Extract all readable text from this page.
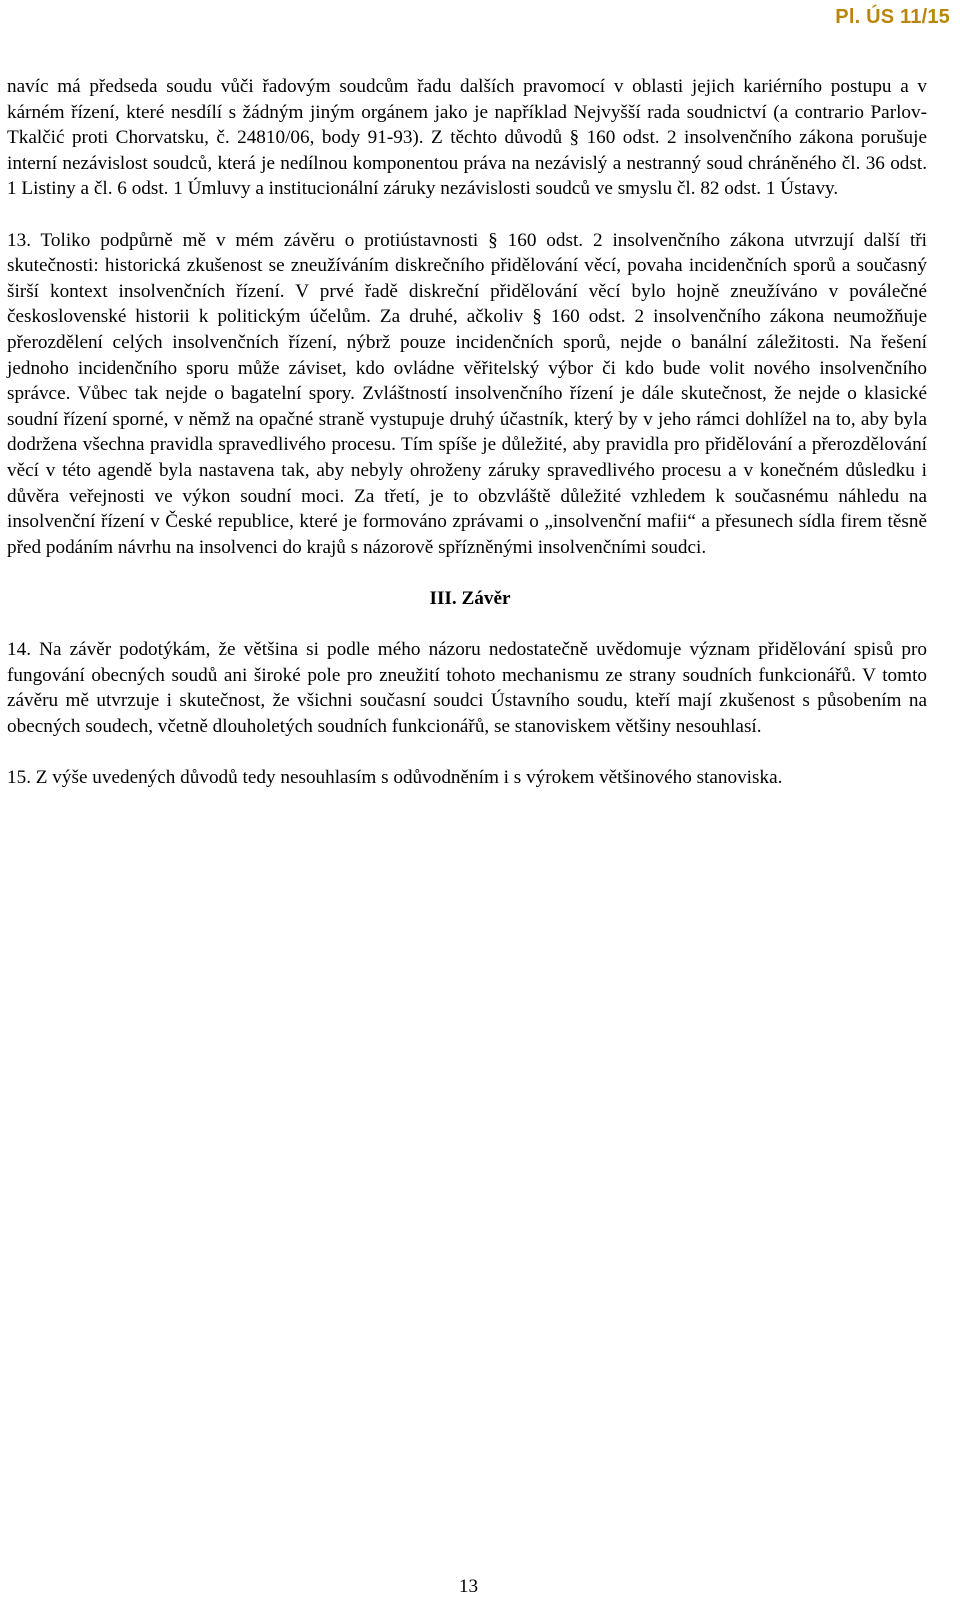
Pl. ÚS 11/15

navíc má předseda soudu vůči řadovým soudcům řadu dalších pravomocí v oblasti jejich kariérního postupu a v kárném řízení, které nesdílí s žádným jiným orgánem jako je například Nejvyšší rada soudnictví (a contrario Parlov-Tkalčić proti Chorvatsku, č. 24810/06, body 91-93). Z těchto důvodů § 160 odst. 2 insolvenčního zákona porušuje interní nezávislost soudců, která je nedílnou komponentou práva na nezávislý a nestranný soud chráněného čl. 36 odst. 1 Listiny a čl. 6 odst. 1 Úmluvy a institucionální záruky nezávislosti soudců ve smyslu čl. 82 odst. 1 Ústavy.

13. Toliko podpůrně mě v mém závěru o protiústavnosti § 160 odst. 2 insolvenčního zákona utvrzují další tři skutečnosti: historická zkušenost se zneužíváním diskrečního přidělování věcí, povaha incidenčních sporů a současný širší kontext insolvenčních řízení. V prvé řadě diskreční přidělování věcí bylo hojně zneužíváno v poválečné československé historii k politickým účelům. Za druhé, ačkoliv § 160 odst. 2 insolvenčního zákona neumožňuje přerozdělení celých insolvenčních řízení, nýbrž pouze incidenčních sporů, nejde o banální záležitosti. Na řešení jednoho incidenčního sporu může záviset, kdo ovládne věřitelský výbor či kdo bude volit nového insolvenčního správce. Vůbec tak nejde o bagatelní spory. Zvláštností insolvenčního řízení je dále skutečnost, že nejde o klasické soudní řízení sporné, v němž na opačné straně vystupuje druhý účastník, který by v jeho rámci dohlížel na to, aby byla dodržena všechna pravidla spravedlivého procesu. Tím spíše je důležité, aby pravidla pro přidělování a přerozdělování věcí v této agendě byla nastavena tak, aby nebyly ohroženy záruky spravedlivého procesu a v konečném důsledku i důvěra veřejnosti ve výkon soudní moci. Za třetí, je to obzvláště důležité vzhledem k současnému náhledu na insolvenční řízení v České republice, které je formováno zprávami o „insolvenční mafii“ a přesunech sídla firem těsně před podáním návrhu na insolvenci do krajů s názorově spřízněnými insolvenčními soudci.

III. Závěr

14. Na závěr podotýkám, že většina si podle mého názoru nedostatečně uvědomuje význam přidělování spisů pro fungování obecných soudů ani široké pole pro zneužití tohoto mechanismu ze strany soudních funkcionářů. V tomto závěru mě utvrzuje i skutečnost, že všichni současní soudci Ústavního soudu, kteří mají zkušenost s působením na obecných soudech, včetně dlouholetých soudních funkcionářů, se stanoviskem většiny nesouhlasí.

15. Z výše uvedených důvodů tedy nesouhlasím s odůvodněním i s výrokem většinového stanoviska.

13
